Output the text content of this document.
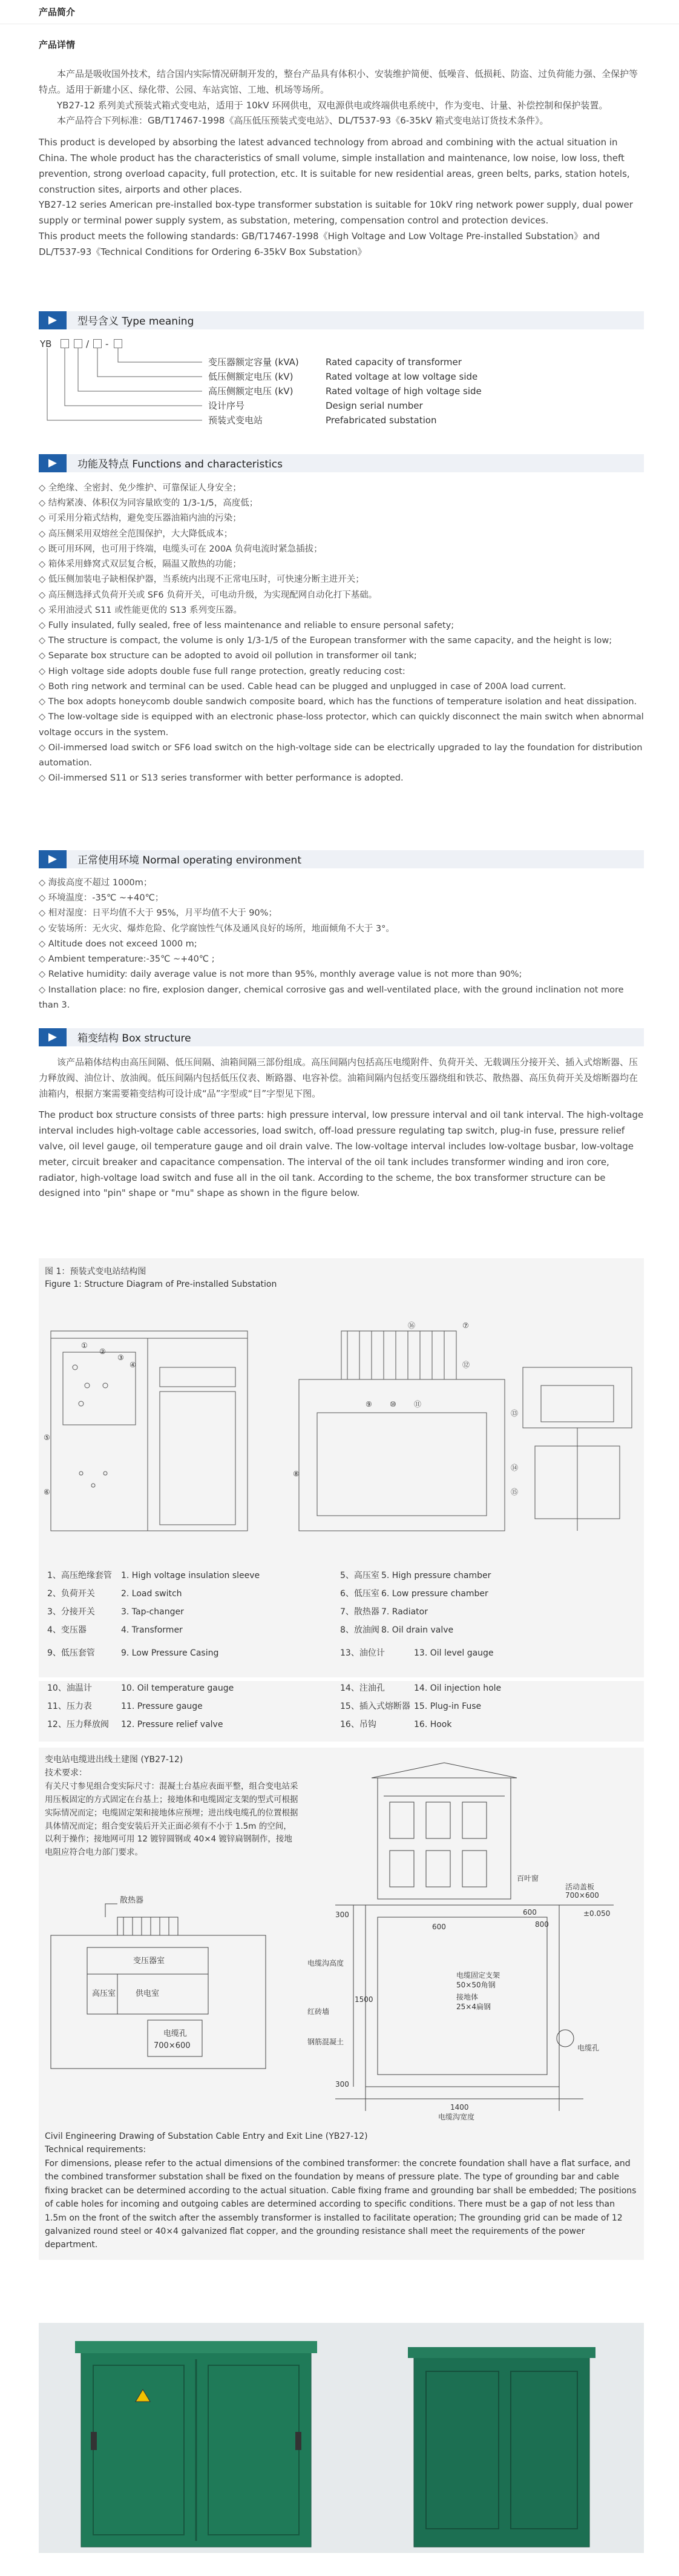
产品简介
产品详情

本产品是吸收国外技术，结合国内实际情况研制开发的，整台产品具有体积小、安装维护简便、低噪音、低损耗、防盗、过负荷能力强、全保护等特点。适用于新建小区、绿化带、公园、车站宾馆、工地、机场等场所。

YB27-12 系列美式预装式箱式变电站，适用于 10kV 环网供电，双电源供电或终端供电系统中，作为变电、计量、补偿控制和保护装置。

本产品符合下列标准：GB/T17467-1998《高压低压预装式变电站》、DL/T537-93《6-35kV 箱式变电站订货技术条件》。

This product is developed by absorbing the latest advanced technology from abroad and combining with the actual situation in China. The whole product has the characteristics of small volume, simple installation and maintenance, low noise, low loss, theft prevention, strong overload capacity, full protection, etc. It is suitable for new residential areas, green belts, parks, station hotels, construction sites, airports and other places.

YB27-12 series American pre-installed box-type transformer substation is suitable for 10kV ring network power supply, dual power supply or terminal power supply system, as substation, metering, compensation control and protection devices.

This product meets the following standards: GB/T17467-1998《High Voltage and Low Voltage Pre-installed Substation》and DL/T537-93《Technical Conditions for Ordering 6-35kV Box Substation》

型号含义 Type meaning
YB	/ -
变压器额定容量 (kVA)
低压侧额定电压 (kV)
高压侧额定电压 (kV)
设计序号
预装式变电站
Rated capacity of transformer
Rated voltage at low voltage side
Rated voltage of high voltage side
Design serial number
Prefabricated substation
功能及特点 Functions and characteristics

◇ 全绝缘、全密封、免少维护、可靠保证人身安全；

◇ 结构紧凑、体积仅为同容量欧变的 1/3-1/5，高度低；

◇ 可采用分箱式结构，避免变压器油箱内油的污染；

◇ 高压侧采用双熔丝全范围保护，大大降低成本；

◇ 既可用环网，也可用于终端，电缆头可在 200A 负荷电流时紧急插拔；

◇ 箱体采用蜂窝式双层复合板，隔温又散热的功能；

◇ 低压侧加装电子缺相保护器，当系统内出现不正常电压时，可快速分断主进开关；

◇ 高压侧选择式负荷开关或 SF6 负荷开关，可电动升级，为实现配网自动化打下基础。

◇ 采用油浸式 S11 或性能更优的 S13 系列变压器。

◇ Fully insulated, fully sealed, free of less maintenance and reliable to ensure personal safety;

◇ The structure is compact, the volume is only 1/3-1/5 of the European transformer with the same capacity, and the height is low;

◇ Separate box structure can be adopted to avoid oil pollution in transformer oil tank;

◇ High voltage side adopts double fuse full range protection, greatly reducing cost:

◇ Both ring network and terminal can be used. Cable head can be plugged and unplugged in case of 200A load current.

◇ The box adopts honeycomb double sandwich composite board, which has the functions of temperature isolation and heat dissipation.

◇ The low-voltage side is equipped with an electronic phase-loss protector, which can quickly disconnect the main switch when abnormal voltage occurs in the system.

◇ Oil-immersed load switch or SF6 load switch on the high-voltage side can be electrically upgraded to lay the foundation for distribution automation.

◇ Oil-immersed S11 or S13 series transformer with better performance is adopted.

正常使用环境 Normal operating environment

◇ 海拔高度不超过 1000m；

◇ 环境温度：-35℃ ~+40℃；

◇ 相对湿度：日平均值不大于 95%，月平均值不大于 90%；

◇ 安装场所：无火灾、爆炸危险、化学腐蚀性气体及通风良好的场所，地面倾角不大于 3°。

◇ Altitude does not exceed 1000 m;

◇ Ambient temperature:-35℃ ~+40℃ ;

◇ Relative humidity: daily average value is not more than 95%, monthly average value is not more than 90%;

◇ Installation place: no fire, explosion danger, chemical corrosive gas and well-ventilated place, with the ground inclination not more than 3.

箱变结构 Box structure

该产品箱体结构由高压间隔、低压间隔、油箱间隔三部份组成。高压间隔内包括高压电缆附件、负荷开关、无载调压分接开关、插入式熔断器、压力释放阀、油位计、放油阀。低压间隔内包括低压仪表、断路器、电容补偿。油箱间隔内包括变压器绕组和铁芯、散热器、高压负荷开关及熔断器均在油箱内，根据方案需要箱变结构可设计成“品”字型或“目”字型见下图。

The product box structure consists of three parts: high pressure interval, low pressure interval and oil tank interval. The high-voltage interval includes high-voltage cable accessories, load switch, off-load pressure regulating tap switch, plug-in fuse, pressure relief valve, oil level gauge, oil temperature gauge and oil drain valve. The low-voltage interval includes low-voltage busbar, low-voltage meter, circuit breaker and capacitance compensation. The interval of the oil tank includes transformer winding and iron core, radiator, high-voltage load switch and fuse all in the oil tank. According to the scheme, the box transformer structure can be designed into "pin" shape or "mu" shape as shown in the figure below.

图 1：预装式变电站结构图
Figure 1: Structure Diagram of Pre-installed Substation
①
②
③
④
⑤
⑥
⑦
⑧
⑨ ⑩ ⑪
⑫
⑬
⑭
⑮
⑯
1、高压绝缘套管 1. High voltage insulation sleeve	5、高压室 5. High pressure chamber
2、负荷开关	2. Load switch	6、低压室 6. Low pressure chamber
3、分接开关	3. Tap-changer	7、散热器 7. Radiator
4、变压器	4. Transformer	8、放油阀 8. Oil drain valve
9、低压套管	9. Low Pressure Casing	13、油位计	13. Oil level gauge
10、油温计	10. Oil temperature gauge	14、注油孔	14. Oil injection hole
11、压力表	11. Pressure gauge	15、插入式熔断器 15. Plug-in Fuse
12、压力释放阀 12. Pressure relief valve	16、吊钩	16. Hook
变电站电缆进出线土建图 (YB27-12)
技术要求：
有关尺寸参见组合变实际尺寸：混凝土台基应表面平整，组合变电站采用压板固定的方式固定在台基上；接地体和电缆固定支架的型式可根据实际情况而定；电缆固定架和接地体应预埋；进出线电缆孔的位置根据具体情况而定；组合变安装后开关正面必须有不小于 1.5m 的空间，以利于操作；接地网可用 12 镀锌圆钢或 40×4 镀锌扁钢制作，接地电阻应符合电力部门要求。
散热器
变压器室
高压室	供电室
电缆孔
700×600
百叶窗
活动盖板
700×600
±0.050
600
800
300
600
电缆沟高度
电缆固定支架
50×50角钢
接地体
25×4扁钢
红砖墙
钢筋混凝土
1500
300
电缆孔
1400
电缆沟宽度
Civil Engineering Drawing of Substation Cable Entry and Exit Line (YB27-12)
Technical requirements:
For dimensions, please refer to the actual dimensions of the combined transformer: the concrete foundation shall have a flat surface, and the combined transformer substation shall be fixed on the foundation by means of pressure plate. The type of grounding bar and cable fixing bracket can be determined according to the actual situation. Cable fixing frame and grounding bar shall be embedded; The positions of cable holes for incoming and outgoing cables are determined according to specific conditions. There must be a gap of not less than 1.5m on the front of the switch after the assembly transformer is installed to facilitate operation; The grounding grid can be made of 12 galvanized round steel or 40×4 galvanized flat copper, and the grounding resistance shall meet the requirements of the power department.
